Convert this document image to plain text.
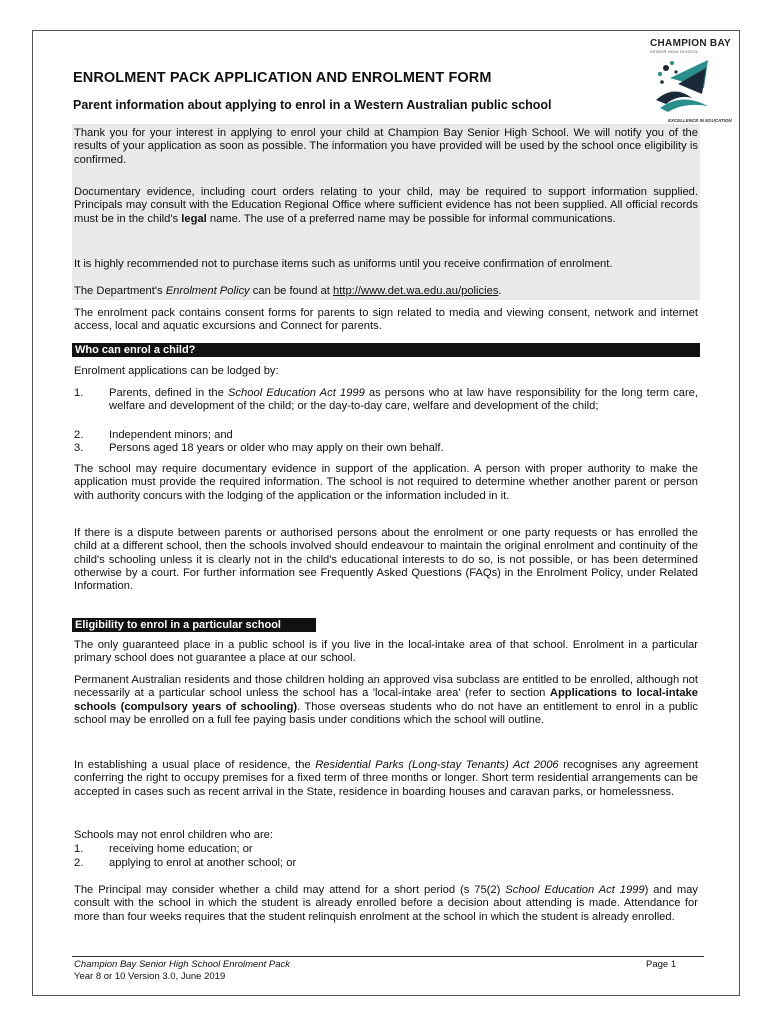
CHAMPION BAY
SENIOR HIGH SCHOOL
EXCELLENCE IN EDUCATION
ENROLMENT PACK APPLICATION AND ENROLMENT FORM
Parent information about applying to enrol in a Western Australian public school

Thank you for your interest in applying to enrol your child at Champion Bay Senior High School. We will notify you of the results of your application as soon as possible. The information you have provided will be used by the school once eligibility is confirmed.

Documentary evidence, including court orders relating to your child, may be required to support information supplied. Principals may consult with the Education Regional Office where sufficient evidence has not been supplied. All official records must be in the child's legal name. The use of a preferred name may be possible for informal communications.

It is highly recommended not to purchase items such as uniforms until you receive confirmation of enrolment.

The Department's Enrolment Policy can be found at http://www.det.wa.edu.au/policies.

The enrolment pack contains consent forms for parents to sign related to media and viewing consent, network and internet access, local and aquatic excursions and Connect for parents.

Who can enrol a child?

Enrolment applications can be lodged by:

1. Parents, defined in the School Education Act 1999 as persons who at law have responsibility for the long term care, welfare and development of the child; or the day-to-day care, welfare and development of the child;
2. Independent minors; and
3. Persons aged 18 years or older who may apply on their own behalf.

The school may require documentary evidence in support of the application. A person with proper authority to make the application must provide the required information. The school is not required to determine whether another parent or person with authority concurs with the lodging of the application or the information included in it.

If there is a dispute between parents or authorised persons about the enrolment or one party requests or has enrolled the child at a different school, then the schools involved should endeavour to maintain the original enrolment and continuity of the child's schooling unless it is clearly not in the child's educational interests to do so, is not possible, or has been determined otherwise by a court. For further information see Frequently Asked Questions (FAQs) in the Enrolment Policy, under Related Information.

Eligibility to enrol in a particular school

The only guaranteed place in a public school is if you live in the local-intake area of that school. Enrolment in a particular primary school does not guarantee a place at our school.

Permanent Australian residents and those children holding an approved visa subclass are entitled to be enrolled, although not necessarily at a particular school unless the school has a 'local-intake area' (refer to section Applications to local-intake schools (compulsory years of schooling). Those overseas students who do not have an entitlement to enrol in a public school may be enrolled on a full fee paying basis under conditions which the school will outline.

In establishing a usual place of residence, the Residential Parks (Long-stay Tenants) Act 2006 recognises any agreement conferring the right to occupy premises for a fixed term of three months or longer. Short term residential arrangements can be accepted in cases such as recent arrival in the State, residence in boarding houses and caravan parks, or homelessness.

Schools may not enrol children who are:

1. receiving home education; or
2. applying to enrol at another school; or

The Principal may consider whether a child may attend for a short period (s 75(2) School Education Act 1999) and may consult with the school in which the student is already enrolled before a decision about attending is made. Attendance for more than four weeks requires that the student relinquish enrolment at the school in which the student is already enrolled.

Champion Bay Senior High School Enrolment Pack
Year 8 or 10 Version 3.0, June 2019
Page 1
